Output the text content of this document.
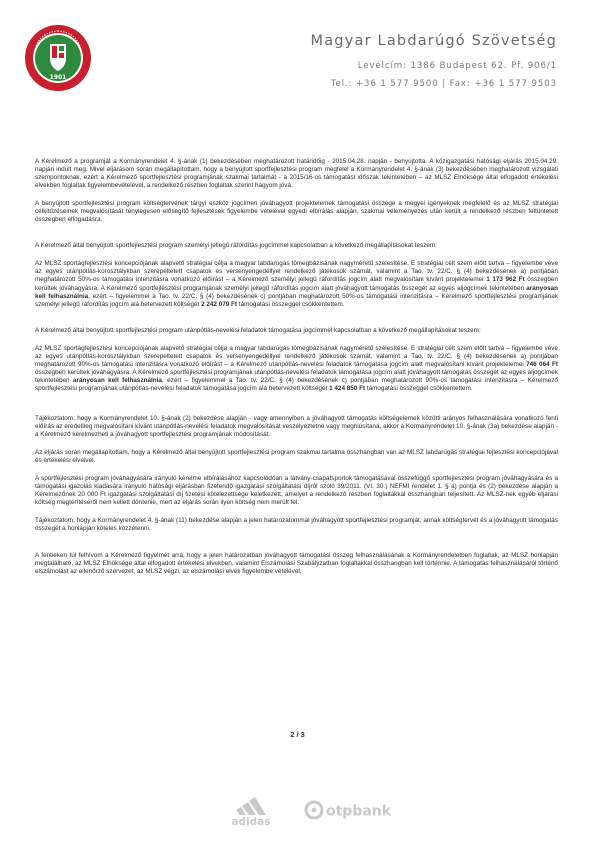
1901
Magyar Labdarúgó Szövetség
Levélcím: 1386 Budapest 62. Pf. 906/1
Tel.: +36 1 577 9500 | Fax: +36 1 577 9503

A Kérelmező a programját a Kormányrendelet 4. §-ának (1) bekezdésében meghatározott határidőig - 2015.04.28. napján - benyújtotta. A közigazgatási hatósági eljárás 2015.04.29. napján indult meg. Mivel eljárásom során megállapítottam, hogy a benyújtott sportfejlesztési program megfelel a Kormányrendelet 4. §-ának (3) bekezdésében meghatározott vizsgálati szempontoknak, ezért a Kérelmező sportfejlesztési programjának szakmai tartalmát - a 2015/16-os támogatási időszak tekintetében – az MLSZ Elnöksége által elfogadott értékelési elvekben foglaltak figyelembevételével, a rendelkező részben foglaltak szerint hagyom jóvá.

A benyújtott sportfejlesztési program költségtervének tárgyi eszköz jogcímen jóváhagyott projektelemek támogatási összege a megyei igényeknek megfelelő és az MLSZ stratégiai célkitűzéseinek megvalósítását ténylegesen elősegítő fejlesztések figyelembe vételével egyedi elbírálás alapján, szakmai véleményezés után került a rendelkező részben feltüntetett összegben elfogadásra.

A Kérelmező által benyújtott sportfejlesztési program személyi jellegű ráfordítás jogcímmel kapcsolatban a következő megállapításokat teszem:

Az MLSZ sportágfejlesztési koncepciójának alapvető stratégiai célja a magyar labdarúgás tömegbázisának nagyméretű szélesítése. E stratégiai célt szem előtt tartva – figyelembe véve az egyes utánpótlás-korosztálykban szerepeltetett csapatok és versenyengedéllyel rendelkező játékosok számát, valamint a Tao. tv. 22/C. § (4) bekezdésének a) pontjában meghatározott 50%-os támogatási intenzitásra vonatkozó előírást – a Kérelmező személyi jellegű ráfordítás jogcím alatt megvalósítani kívánt projektelemei 1 173 962 Ft összegben kerültek jóváhagyásra. A Kérelmező sportfejlesztési programjának személyi jellegű ráfordítás jogcím alatt jóváhagyott támogatás összegét az egyes aljogcímek tekintetében arányosan kell felhasználnia, ezért – figyelemmel a Tao. tv. 22/C. § (4) bekezdésének c) pontjában meghatározott 50%-os támogatási intenzitásra – Kérelmező sportfejlesztési programjának személyi jellegű ráfordítás jogcím alá betervezett költségét 2 242 079 Ft támogatási összeggel csökkentettem.

A Kérelmező által benyújtott sportfejlesztési program utánpótlás-nevelési feladatok támogatása jogcímmel kapcsolatban a következő megállapításokat teszem:

Az MLSZ sportágfejlesztési koncepciójának alapvető stratégiai célja a magyar labdarúgás tömegbázisának nagyméretű szélesítése. E stratégiai célt szem előtt tartva – figyelembe véve az egyes utánpótlás-korosztálykban szerepeltetett csapatok és versenyengedéllyel rendelkező játékosok számát, valamint a Tao. tv. 22/C. § (4) bekezdésének a) pontjában meghatározott 90%-os támogatási intenzitásra vonatkozó előírást – a Kérelmező utánpótlás-nevelési feladatok támogatása jogcím alatt megvalósítani kívánt projektelemei 746 064 Ft összegben kerültek jóváhagyásra. A Kérelmező sportfejlesztési programjának utánpótlás-nevelési feladatok támogatása jogcím alatt jóváhagyott támogatás összegét az egyes aljogcímek tekintetében arányosan kell felhasználnia, ezért – figyelemmel a Tao. tv. 22/C. § (4) bekezdésének c) pontjában meghatározott 90%-os támogatási intenzitásra – Kérelmező sportfejlesztési programjának utánpótlás-nevelési feladatok támogatása jogcím alá betervezett költségét 1 424 850 Ft támogatási összeggel csökkentettem.

Tájékoztatom, hogy a Kormányrendelet 10. §-ának (2) bekezdése alapján - vagy amennyiben a jóváhagyott támogatás költségelemek közötti arányos felhasználására vonatkozó fenti előírás az eredetileg megvalósítani kívánt utánpótlás-nevelési feladatok megvalósítását veszélyeztetné vagy meghiúsítaná, akkor a Kormányrendelet 10. §-ának (3a) bekezdése alapján - a Kérelmező kérelmezheti a jóváhagyott sportfejlesztési programjának módosítását.

Az eljárás során megállapítottam, hogy a Kérelmező által benyújtott sportfejlesztési program szakmai tartalma összhangban van az MLSZ labdarúgás stratégiai fejlesztési koncepciójával és értékelési elveivel.

A sportfejlesztési program jóváhagyására irányuló kérelme elbírálásához kapcsolódóan a látvány-csapatsportok támogatásával összefüggő sportfejlesztési program jóváhagyására és a támogatási igazolás kiadására irányuló hatósági eljárásban fizetendő igazgatási szolgáltatási díjról szóló 39/2011. (VI. 30.) NEFMI rendelet 1. § a) pontja és (2) bekezdése alapján a Kérelmezőnek 20 000 Ft igazgatási szolgáltatási díj fizetési kötelezettsége keletkezett, amelyet a rendelkező részben foglaltakkal összhangban teljesített. Az MLSZ-nek egyéb eljárási költség megtérítéséről nem kellett döntenie, mert az eljárás során ilyen költség nem merült fel.

Tájékoztatom, hogy a Kormányrendelet 4. §-ának (11) bekezdése alapján a jelen határozatommal jóváhagyott sportfejlesztési programját, annak költségtervét és a jóváhagyott támogatás összegét a honlapján köteles közzétenni.

A fentieken túl felhívom a Kérelmező figyelmét arra, hogy a jelen határozatban jóváhagyott támogatási összeg felhasználásának a Kormányrendeletben foglaltak, az MLSZ honlapján megtalálható, az MLSZ Elnöksége által elfogadott értékelési elvekben, valamint Elszámolási Szabályzatban foglaltakkal összhangban kell történnie. A támogatás felhasználásáról történő elszámolást az ellenőrző szervezet, az MLSZ végzi, az elszámolási elvek figyelembe vételével.

2 / 3
adidas
otpbank
